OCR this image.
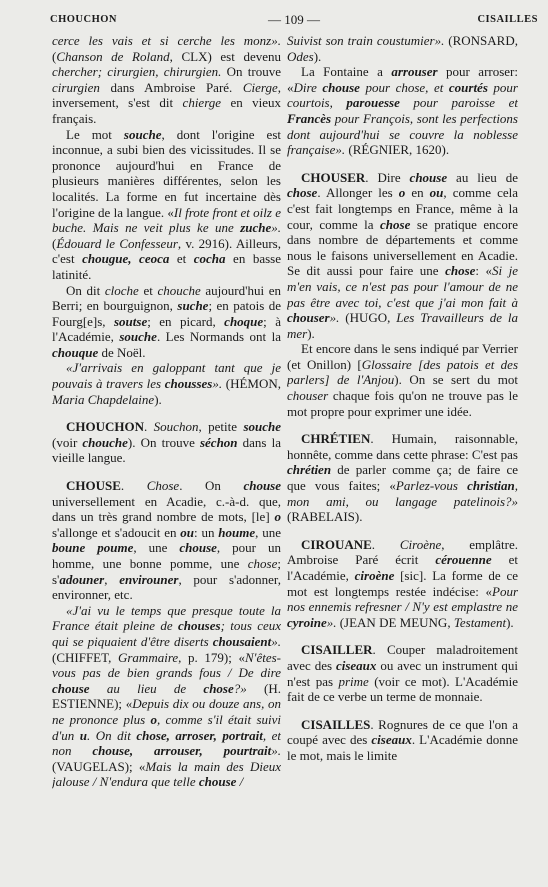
CHOUCHON	— 109 —	CISAILLES

cerce les vais et si cerche les monz». (Chanson de Roland, CLX) est devenu chercher; cirurgien, chirurgien. On trouve cirurgien dans Ambroise Paré. Cierge, inversement, s'est dit chierge en vieux français.

Le mot souche, dont l'origine est inconnue, a subi bien des vicissitudes. Il se prononce aujourd'hui en France de plusieurs manières différentes, selon les localités. La forme en fut incertaine dès l'origine de la langue. «Il frote front et oilz e buche. Mais ne veit plus ke une zuche». (Édouard le Confesseur, v. 2916). Ailleurs, c'est chougue, ceoca et cocha en basse latinité.

On dit cloche et chouche aujourd'hui en Berri; en bourguignon, suche; en patois de Fourg[e]s, soutse; en picard, choque; à l'Académie, souche. Les Normands ont la chouque de Noël.

«J'arrivais en galoppant tant que je pouvais à travers les chousses». (HÉMON, Maria Chapdelaine).

CHOUCHON. Souchon, petite souche (voir chouche). On trouve séchon dans la vieille langue.

CHOUSE. Chose. On chouse universellement en Acadie, c.-à-d. que, dans un très grand nombre de mots, [le] o s'allonge et s'adoucit en ou: un houme, une boune poume, une chouse, pour un homme, une bonne pomme, une chose; s'adouner, envirouner, pour s'adonner, environner, etc.

«J'ai vu le temps que presque toute la France était pleine de chouses; tous ceux qui se piquaient d'être diserts chousaient». (CHIFFET, Grammaire, p. 179); «N'êtes-vous pas de bien grands fous / De dire chouse au lieu de chose?» (H. ESTIENNE); «Depuis dix ou douze ans, on ne prononce plus o, comme s'il était suivi d'un u. On dit chose, arroser, portrait, et non chouse, arrouser, pourtrait». (VAUGELAS); «Mais la main des Dieux jalouse / N'endura que telle chouse /

Suivist son train coustumier». (RONSARD, Odes).

La Fontaine a arrouser pour arroser: «Dire chouse pour chose, et courtés pour courtois, parouesse pour paroisse et Francès pour François, sont les perfections dont aujourd'hui se couvre la noblesse française». (RÉGNIER, 1620).

CHOUSER. Dire chouse au lieu de chose. Allonger les o en ou, comme cela c'est fait longtemps en France, même à la cour, comme la chose se pratique encore dans nombre de départements et comme nous le faisons universellement en Acadie. Se dit aussi pour faire une chose: «Si je m'en vais, ce n'est pas pour l'amour de ne pas être avec toi, c'est que j'ai mon fait à chouser». (HUGO, Les Travailleurs de la mer).

Et encore dans le sens indiqué par Verrier (et Onillon) [Glossaire [des patois et des parlers] de l'Anjou). On se sert du mot chouser chaque fois qu'on ne trouve pas le mot propre pour exprimer une idée.

CHRÉTIEN. Humain, raisonnable, honnête, comme dans cette phrase: C'est pas chrétien de parler comme ça; de faire ce que vous faites; «Parlez-vous christian, mon ami, ou langage patelinois?» (RABELAIS).

CIROUANE. Ciroène, emplâtre. Ambroise Paré écrit cérouenne et l'Académie, ciroène [sic]. La forme de ce mot est longtemps restée indécise: «Pour nos ennemis refresner / N'y est emplastre ne cyroine». (JEAN DE MEUNG, Testament).

CISAILLER. Couper maladroitement avec des ciseaux ou avec un instrument qui n'est pas prime (voir ce mot). L'Académie fait de ce verbe un terme de monnaie.

CISAILLES. Rognures de ce que l'on a coupé avec des ciseaux. L'Académie donne le mot, mais le limite
